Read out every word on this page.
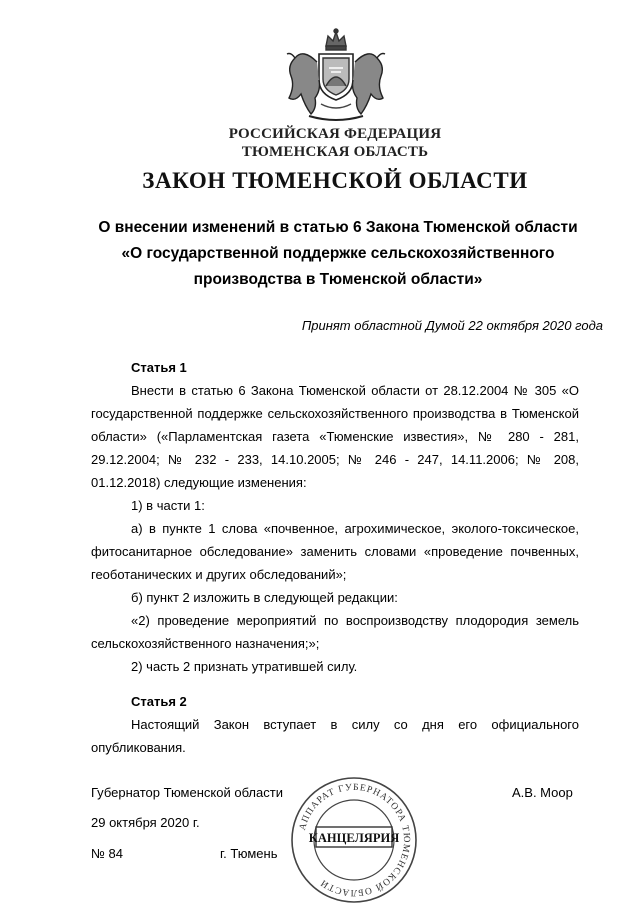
РОССИЙСКАЯ ФЕДЕРАЦИЯ
ТЮМЕНСКАЯ ОБЛАСТЬ
ЗАКОН ТЮМЕНСКОЙ ОБЛАСТИ
О внесении изменений в статью 6 Закона Тюменской области
«О государственной поддержке сельскохозяйственного
производства в Тюменской области»
Принят областной Думой 22 октября 2020 года
Статья 1

Внести в статью 6 Закона Тюменской области от 28.12.2004 № 305 «О государственной поддержке сельскохозяйственного производства в Тюменской области» («Парламентская газета «Тюменские известия», № 280 - 281, 29.12.2004; № 232 - 233, 14.10.2005; № 246 - 247, 14.11.2006; № 208, 01.12.2018) следующие изменения:

1) в части 1:

а) в пункте 1 слова «почвенное, агрохимическое, эколого-токсическое, фитосанитарное обследование» заменить словами «проведение почвенных, геоботанических и других обследований»;

б) пункт 2 изложить в следующей редакции:

«2) проведение мероприятий по воспроизводству плодородия земель сельскохозяйственного назначения;»;

2) часть 2 признать утратившей силу.

Статья 2

Настоящий Закон вступает в силу со дня его официального опубликования.

Губернатор Тюменской области	А.В. Моор
29 октября 2020 г.
№ 84	г. Тюмень
АППАРАТ ГУБЕРНАТОРА ТЮМЕНСКОЙ ОБЛАСТИ
КАНЦЕЛЯРИЯ
